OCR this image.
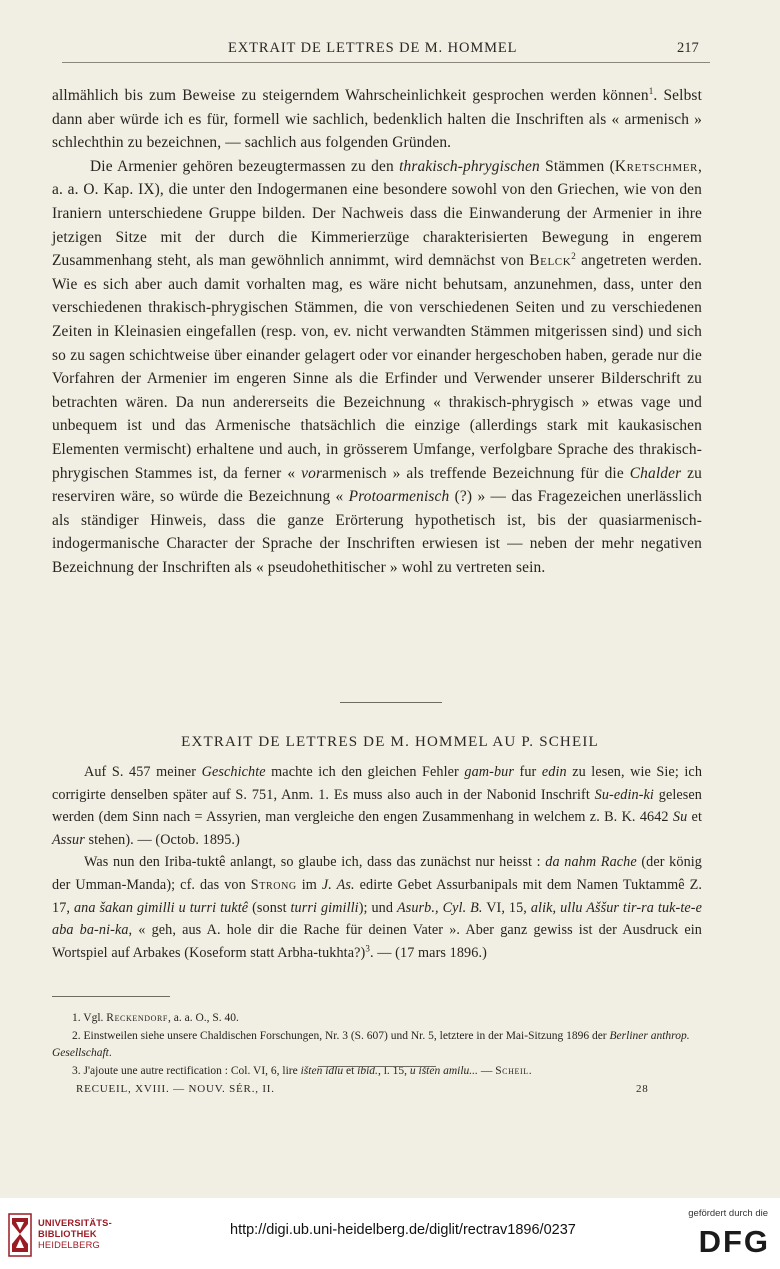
EXTRAIT DE LETTRES DE M. HOMMEL	217

allmählich bis zum Beweise zu steigerndem Wahrscheinlichkeit gesprochen werden können$^1$. Selbst dann aber würde ich es für, formell wie sachlich, bedenklich halten die Inschriften als « armenisch » schlechthin zu bezeichnen, — sachlich aus folgenden Gründen.

Die Armenier gehören bezeugtermassen zu den thrakisch-phrygischen Stämmen (Kretschmer, a. a. O. Kap. IX), die unter den Indogermanen eine besondere sowohl von den Griechen, wie von den Iraniern unterschiedene Gruppe bilden. Der Nachweis dass die Einwanderung der Armenier in ihre jetzigen Sitze mit der durch die Kimmerierzüge charakterisierten Bewegung in engerem Zusammenhang steht, als man gewöhnlich annimmt, wird demnächst von Belck$^2$ angetreten werden. Wie es sich aber auch damit vorhalten mag, es wäre nicht behutsam, anzunehmen, dass, unter den verschiedenen thrakisch-phrygischen Stämmen, die von verschiedenen Seiten und zu verschiedenen Zeiten in Kleinasien eingefallen (resp. von, ev. nicht verwandten Stämmen mitgerissen sind) und sich so zu sagen schichtweise über einander gelagert oder vor einander hergeschoben haben, gerade nur die Vorfahren der Armenier im engeren Sinne als die Erfinder und Verwender unserer Bilderschrift zu betrachten wären. Da nun andererseits die Bezeichnung « thrakisch-phrygisch » etwas vage und unbequem ist und das Armenische thatsächlich die einzige (allerdings stark mit kaukasischen Elementen vermischt) erhaltene und auch, in grösserem Umfange, verfolgbare Sprache des thrakisch-phrygischen Stammes ist, da ferner « vorarmenisch » als treffende Bezeichnung für die Chalder zu reserviren wäre, so würde die Bezeichnung « Protoarmenisch (?) » — das Fragezeichen unerlässlich als ständiger Hinweis, dass die ganze Erörterung hypothetisch ist, bis der quasiarmenisch-indogermanische Character der Sprache der Inschriften erwiesen ist — neben der mehr negativen Bezeichnung der Inschriften als « pseudohethitischer » wohl zu vertreten sein.

EXTRAIT DE LETTRES DE M. HOMMEL AU P. SCHEIL

Auf S. 457 meiner Geschichte machte ich den gleichen Fehler gam-bur fur edin zu lesen, wie Sie; ich corrigirte denselben später auf S. 751, Anm. 1. Es muss also auch in der Nabonid Inschrift Su-edin-ki gelesen werden (dem Sinn nach = Assyrien, man vergleiche den engen Zusammenhang in welchem z. B. K. 4642 Su et Assur stehen). — (Octob. 1895.)

Was nun den Iriba-tuktê anlangt, so glaube ich, dass das zunächst nur heisst : da nahm Rache (der könig der Umman-Manda); cf. das von Strong im J. As. edirte Gebet Assurbanipals mit dem Namen Tuktammê Z. 17, ana šakan gimilli u turri tuktê (sonst turri gimilli); und Asurb., Cyl. B. VI, 15, alik, ullu Aššur tir-ra tuk-te-e aba ba-ni-ka, « geh, aus A. hole dir die Rache für deinen Vater ». Aber ganz gewiss ist der Ausdruck ein Wortspiel auf Arbakes (Koseform statt Arbha-tukhta?)$^3$. — (17 mars 1896.)

1. Vgl. Reckendorf, a. a. O., S. 40.

2. Einstweilen siehe unsere Chaldischen Forschungen, Nr. 3 (S. 607) und Nr. 5, letztere in der Mai-Sitzung 1896 der Berliner anthrop. Gesellschaft.

3. J'ajoute une autre rectification : Col. VI, 6, lire išten idlu et ibid., l. 15, u išten amilu... — Scheil.

RECUEIL, XVIII. — NOUV. SÉR., II.	28
UNIVERSITÄTS-
BIBLIOTHEK
HEIDELBERG
http://digi.ub.uni-heidelberg.de/diglit/rectrav1896/0237
gefördert durch die
DFG
